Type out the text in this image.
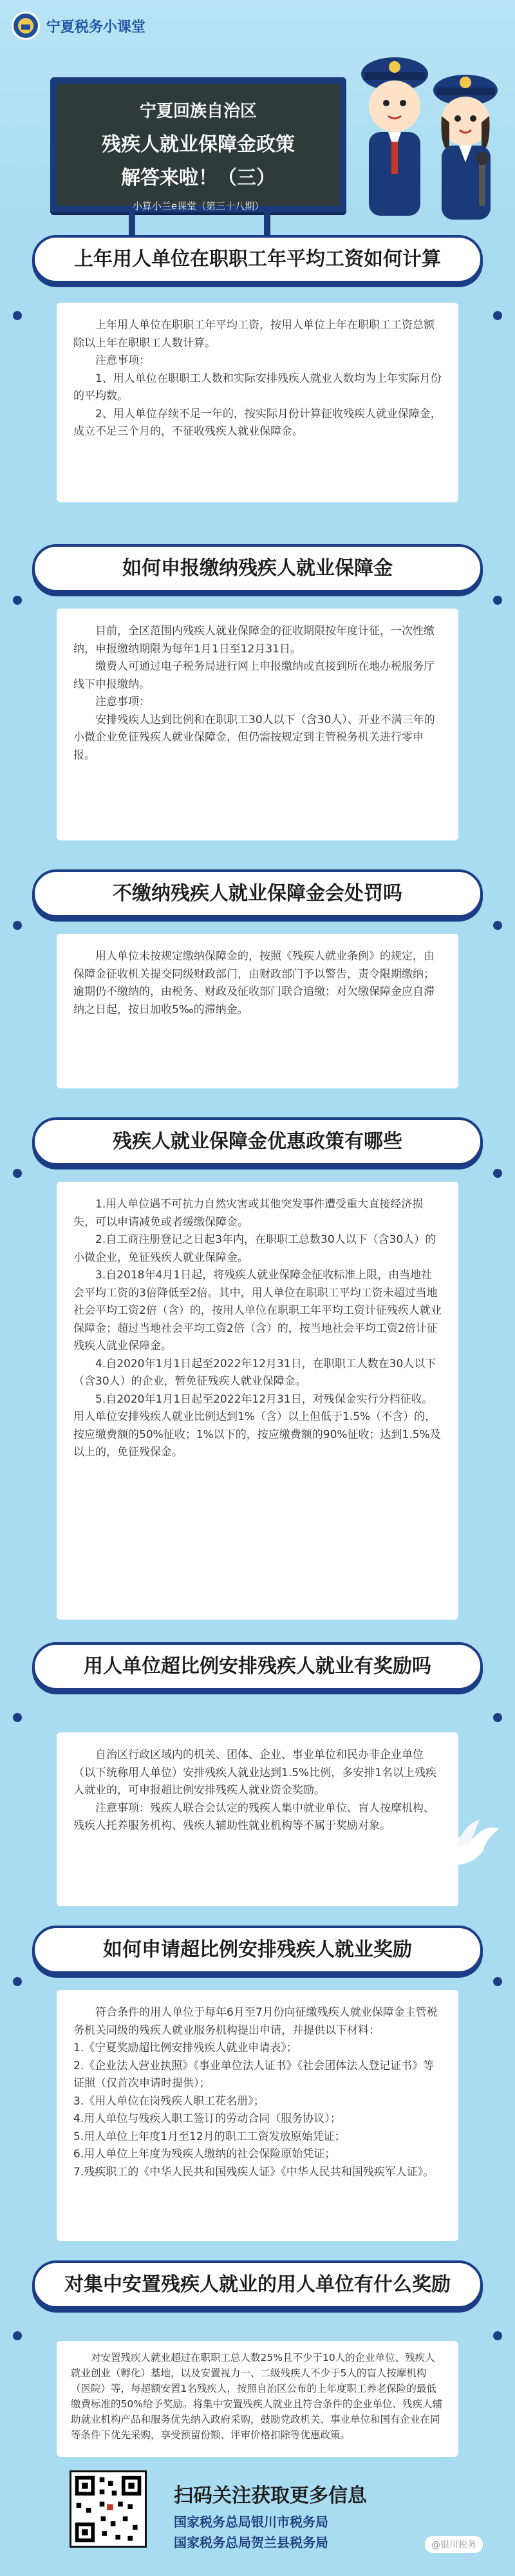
宁夏税务小课堂
宁夏回族自治区
残疾人就业保障金政策
解答来啦！（三）
小算小兰e课堂（第三十八期）
上年用人单位在职职工年平均工资如何计算

上年用人单位在职职工年平均工资，按用人单位上年在职职工工资总额除以上年在职职工人数计算。

注意事项：

1、用人单位在职职工人数和实际安排残疾人就业人数均为上年实际月份的平均数。

2、用人单位存续不足一年的，按实际月份计算征收残疾人就业保障金，成立不足三个月的，不征收残疾人就业保障金。

如何申报缴纳残疾人就业保障金

目前，全区范围内残疾人就业保障金的征收期限按年度计征，一次性缴纳，申报缴纳期限为每年1月1日至12月31日。

缴费人可通过电子税务局进行网上申报缴纳或直接到所在地办税服务厅线下申报缴纳。

注意事项：

安排残疾人达到比例和在职职工30人以下（含30人）、开业不满三年的小微企业免征残疾人就业保障金，但仍需按规定到主管税务机关进行零申报。

不缴纳残疾人就业保障金会处罚吗

用人单位未按规定缴纳保障金的，按照《残疾人就业条例》的规定，由保障金征收机关提交同级财政部门，由财政部门予以警告，责令限期缴纳；逾期仍不缴纳的，由税务、财政及征收部门联合追缴；对欠缴保障金应自滞纳之日起，按日加收5‰的滞纳金。

残疾人就业保障金优惠政策有哪些

1.用人单位遇不可抗力自然灾害或其他突发事件遭受重大直接经济损失，可以申请减免或者缓缴保障金。

2.自工商注册登记之日起3年内，在职职工总数30人以下（含30人）的小微企业，免征残疾人就业保障金。

3.自2018年4月1日起，将残疾人就业保障金征收标准上限，由当地社会平均工资的3倍降低至2倍。其中，用人单位在职职工平均工资未超过当地社会平均工资2倍（含）的，按用人单位在职职工年平均工资计征残疾人就业保障金；超过当地社会平均工资2倍（含）的，按当地社会平均工资2倍计征残疾人就业保障金。

4.自2020年1月1日起至2022年12月31日，在职职工人数在30人以下（含30人）的企业，暂免征残疾人就业保障金。

5.自2020年1月1日起至2022年12月31日，对残保金实行分档征收。用人单位安排残疾人就业比例达到1%（含）以上但低于1.5%（不含）的，按应缴费额的50%征收；1%以下的，按应缴费额的90%征收；达到1.5%及以上的，免征残保金。

用人单位超比例安排残疾人就业有奖励吗

自治区行政区域内的机关、团体、企业、事业单位和民办非企业单位（以下统称用人单位）安排残疾人就业达到1.5%比例，多安排1名以上残疾人就业的，可申报超比例安排残疾人就业资金奖励。

注意事项：残疾人联合会认定的残疾人集中就业单位、盲人按摩机构、残疾人托养服务机构、残疾人辅助性就业机构等不属于奖励对象。

如何申请超比例安排残疾人就业奖励

符合条件的用人单位于每年6月至7月份向征缴残疾人就业保障金主管税务机关同级的残疾人就业服务机构提出申请，并提供以下材料：

1.《宁夏奖励超比例安排残疾人就业申请表》；

2.《企业法人营业执照》《事业单位法人证书》《社会团体法人登记证书》等证照（仅首次申请时提供）；

3.《用人单位在岗残疾人职工花名册》；

4.用人单位与残疾人职工签订的劳动合同（服务协议）；

5.用人单位上年度1月至12月的职工工资发放原始凭证；

6.用人单位上年度为残疾人缴纳的社会保险原始凭证；

7.残疾职工的《中华人民共和国残疾人证》《中华人民共和国残疾军人证》。

对集中安置残疾人就业的用人单位有什么奖励

对安置残疾人就业超过在职职工总人数25%且不少于10人的企业单位、残疾人就业创业（孵化）基地，以及安置视力一、二级残疾人不少于5人的盲人按摩机构（医院）等，每超额安置1名残疾人，按照自治区公布的上年度职工养老保险的最低缴费标准的50%给予奖励。将集中安置残疾人就业且符合条件的企业单位、残疾人辅助就业机构产品和服务优先纳入政府采购，鼓励党政机关、事业单位和国有企业在同等条件下优先采购，享受预留份额、评审价格扣除等优惠政策。

扫码关注获取更多信息
国家税务总局银川市税务局
国家税务总局贺兰县税务局	@银川税务
